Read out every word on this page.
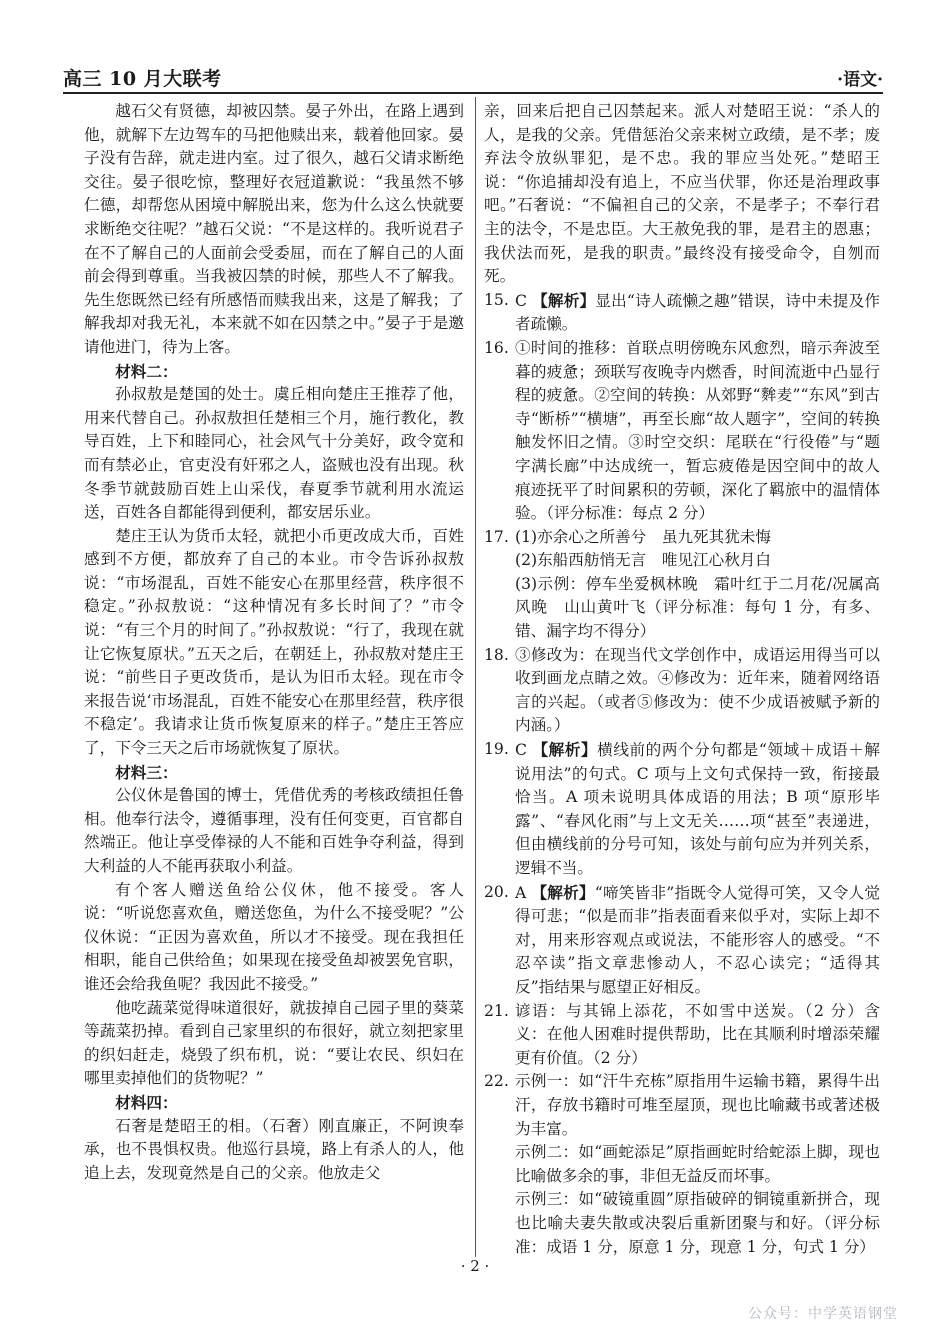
高三 10 月大联考	·语文·

越石父有贤德，却被囚禁。晏子外出，在路上遇到他，就解下左边驾车的马把他赎出来，载着他回家。晏子没有告辞，就走进内室。过了很久，越石父请求断绝交往。晏子很吃惊，整理好衣冠道歉说：“我虽然不够仁德，却帮您从困境中解脱出来，您为什么这么快就要求断绝交往呢？”越石父说：“不是这样的。我听说君子在不了解自己的人面前会受委屈，而在了解自己的人面前会得到尊重。当我被囚禁的时候，那些人不了解我。先生您既然已经有所感悟而赎我出来，这是了解我；了解我却对我无礼，本来就不如在囚禁之中。”晏子于是邀请他进门，待为上客。

材料二：

孙叔敖是楚国的处士。虞丘相向楚庄王推荐了他，用来代替自己。孙叔敖担任楚相三个月，施行教化，教导百姓，上下和睦同心，社会风气十分美好，政令宽和而有禁必止，官吏没有奸邪之人，盗贼也没有出现。秋冬季节就鼓励百姓上山采伐，春夏季节就利用水流运送，百姓各自都能得到便利，都安居乐业。

楚庄王认为货币太轻，就把小币更改成大币，百姓感到不方便，都放弃了自己的本业。市令告诉孙叔敖说：“市场混乱，百姓不能安心在那里经营，秩序很不稳定。”孙叔敖说：“这种情况有多长时间了？”市令说：“有三个月的时间了。”孙叔敖说：“行了，我现在就让它恢复原状。”五天之后，在朝廷上，孙叔敖对楚庄王说：“前些日子更改货币，是认为旧币太轻。现在市令来报告说‘市场混乱，百姓不能安心在那里经营，秩序很不稳定’。我请求让货币恢复原来的样子。”楚庄王答应了，下令三天之后市场就恢复了原状。

材料三：

公仪休是鲁国的博士，凭借优秀的考核政绩担任鲁相。他奉行法令，遵循事理，没有任何变更，百官都自然端正。他让享受俸禄的人不能和百姓争夺利益，得到大利益的人不能再获取小利益。

有个客人赠送鱼给公仪休，他不接受。客人说：“听说您喜欢鱼，赠送您鱼，为什么不接受呢？”公仪休说：“正因为喜欢鱼，所以才不接受。现在我担任相职，能自己供给鱼；如果现在接受鱼却被罢免官职，谁还会给我鱼呢？我因此不接受。”

他吃蔬菜觉得味道很好，就拔掉自己园子里的葵菜等蔬菜扔掉。看到自己家里织的布很好，就立刻把家里的织妇赶走，烧毁了织布机，说：“要让农民、织妇在哪里卖掉他们的货物呢？”

材料四：

石奢是楚昭王的相。（石奢）刚直廉正，不阿谀奉承，也不畏惧权贵。他巡行县境，路上有杀人的人，他追上去，发现竟然是自己的父亲。他放走父

亲，回来后把自己囚禁起来。派人对楚昭王说：“杀人的人，是我的父亲。凭借惩治父亲来树立政绩，是不孝；废弃法令放纵罪犯，是不忠。我的罪应当处死。”楚昭王说：“你追捕却没有追上，不应当伏罪，你还是治理政事吧。”石奢说：“不偏袒自己的父亲，不是孝子；不奉行君主的法令，不是忠臣。大王赦免我的罪，是君主的恩惠；我伏法而死，是我的职责。”最终没有接受命令，自刎而死。

15. C 【解析】显出“诗人疏懒之趣”错误，诗中未提及作者疏懒。

16. ①时间的推移：首联点明傍晚东风愈烈，暗示奔波至暮的疲惫；颈联写夜晚寺内燃香，时间流逝中凸显行程的疲惫。②空间的转换：从郊野“麰麦”“东风”到古寺“断桥”“横塘”，再至长廊“故人题字”，空间的转换触发怀旧之情。③时空交织：尾联在“行役倦”与“题字满长廊”中达成统一，暂忘疲倦是因空间中的故人痕迹抚平了时间累积的劳顿，深化了羁旅中的温情体验。（评分标准：每点 2 分）

17. (1)亦余心之所善兮　虽九死其犹未悔

(2)东船西舫悄无言　唯见江心秋月白

(3)示例：停车坐爱枫林晚　霜叶红于二月花/况属高风晚　山山黄叶飞（评分标准：每句 1 分，有多、错、漏字均不得分）

18. ③修改为：在现当代文学创作中，成语运用得当可以收到画龙点睛之效。④修改为：近年来，随着网络语言的兴起。（或者⑤修改为：使不少成语被赋予新的内涵。）

19. C 【解析】横线前的两个分句都是“领域＋成语＋解说用法”的句式。C 项与上文句式保持一致，衔接最恰当。A 项未说明具体成语的用法；B 项“原形毕露”、“春风化雨”与上文无关……项“甚至”表递进，但由横线前的分号可知，该处与前句应为并列关系，逻辑不当。

20. A 【解析】“啼笑皆非”指既令人觉得可笑，又令人觉得可悲；“似是而非”指表面看来似乎对，实际上却不对，用来形容观点或说法，不能形容人的感受。“不忍卒读”指文章悲惨动人，不忍心读完；“适得其反”指结果与愿望正好相反。

21. 谚语：与其锦上添花，不如雪中送炭。（2 分）含义：在他人困难时提供帮助，比在其顺利时增添荣耀更有价值。（2 分）

22. 示例一：如“汗牛充栋”原指用牛运输书籍，累得牛出汗，存放书籍时可堆至屋顶，现也比喻藏书或著述极为丰富。

示例二：如“画蛇添足”原指画蛇时给蛇添上脚，现也比喻做多余的事，非但无益反而坏事。

示例三：如“破镜重圆”原指破碎的铜镜重新拼合，现也比喻夫妻失散或决裂后重新团聚与和好。（评分标准：成语 1 分，原意 1 分，现意 1 分，句式 1 分）

· 2 ·
公众号：中学英语钢堂
